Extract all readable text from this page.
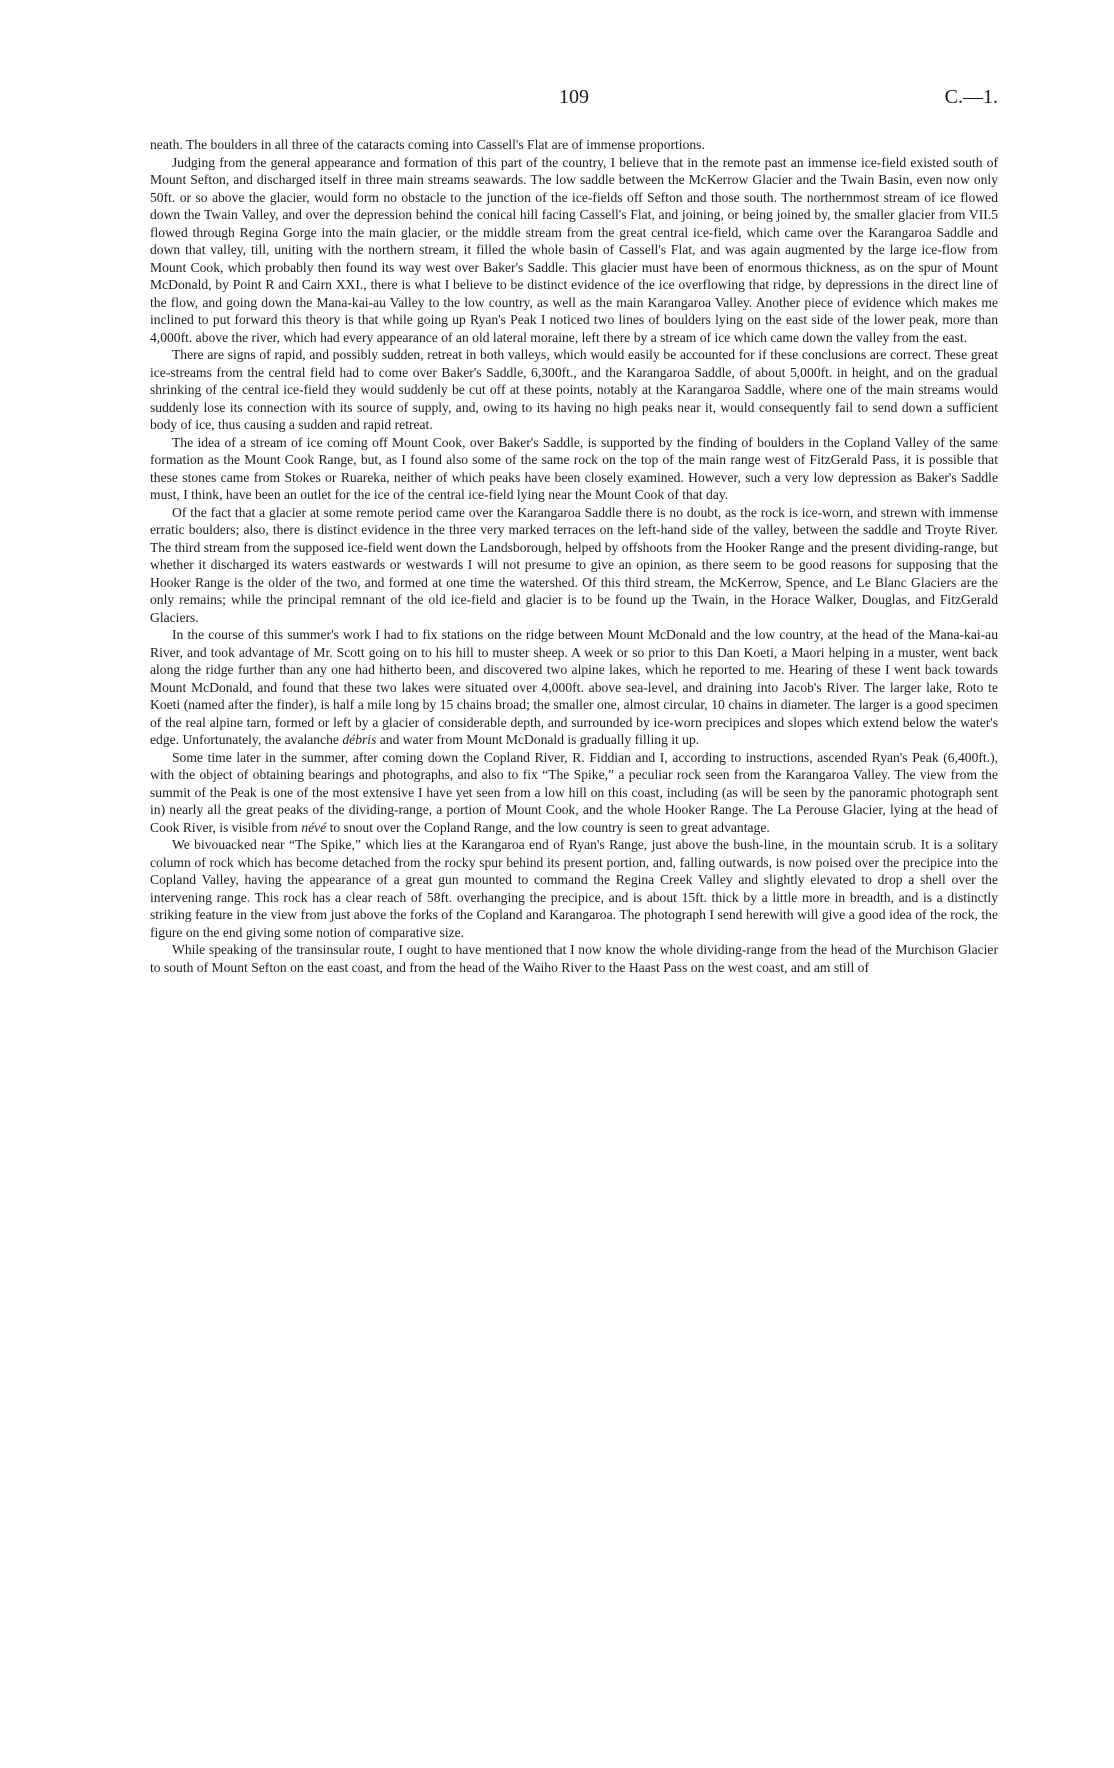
109	C.—1.

neath. The boulders in all three of the cataracts coming into Cassell's Flat are of immense proportions.

Judging from the general appearance and formation of this part of the country, I believe that in the remote past an immense ice-field existed south of Mount Sefton, and discharged itself in three main streams seawards. The low saddle between the McKerrow Glacier and the Twain Basin, even now only 50ft. or so above the glacier, would form no obstacle to the junction of the ice-fields off Sefton and those south. The northernmost stream of ice flowed down the Twain Valley, and over the depression behind the conical hill facing Cassell's Flat, and joining, or being joined by, the smaller glacier from VII.5 flowed through Regina Gorge into the main glacier, or the middle stream from the great central ice-field, which came over the Karangaroa Saddle and down that valley, till, uniting with the northern stream, it filled the whole basin of Cassell's Flat, and was again augmented by the large ice-flow from Mount Cook, which probably then found its way west over Baker's Saddle. This glacier must have been of enormous thickness, as on the spur of Mount McDonald, by Point R and Cairn XXI., there is what I believe to be distinct evidence of the ice overflowing that ridge, by depressions in the direct line of the flow, and going down the Mana-kai-au Valley to the low country, as well as the main Karangaroa Valley. Another piece of evidence which makes me inclined to put forward this theory is that while going up Ryan's Peak I noticed two lines of boulders lying on the east side of the lower peak, more than 4,000ft. above the river, which had every appearance of an old lateral moraine, left there by a stream of ice which came down the valley from the east.

There are signs of rapid, and possibly sudden, retreat in both valleys, which would easily be accounted for if these conclusions are correct. These great ice-streams from the central field had to come over Baker's Saddle, 6,300ft., and the Karangaroa Saddle, of about 5,000ft. in height, and on the gradual shrinking of the central ice-field they would suddenly be cut off at these points, notably at the Karangaroa Saddle, where one of the main streams would suddenly lose its connection with its source of supply, and, owing to its having no high peaks near it, would consequently fail to send down a sufficient body of ice, thus causing a sudden and rapid retreat.

The idea of a stream of ice coming off Mount Cook, over Baker's Saddle, is supported by the finding of boulders in the Copland Valley of the same formation as the Mount Cook Range, but, as I found also some of the same rock on the top of the main range west of FitzGerald Pass, it is possible that these stones came from Stokes or Ruareka, neither of which peaks have been closely examined. However, such a very low depression as Baker's Saddle must, I think, have been an outlet for the ice of the central ice-field lying near the Mount Cook of that day.

Of the fact that a glacier at some remote period came over the Karangaroa Saddle there is no doubt, as the rock is ice-worn, and strewn with immense erratic boulders; also, there is distinct evidence in the three very marked terraces on the left-hand side of the valley, between the saddle and Troyte River. The third stream from the supposed ice-field went down the Landsborough, helped by offshoots from the Hooker Range and the present dividing-range, but whether it discharged its waters eastwards or westwards I will not presume to give an opinion, as there seem to be good reasons for supposing that the Hooker Range is the older of the two, and formed at one time the watershed. Of this third stream, the McKerrow, Spence, and Le Blanc Glaciers are the only remains; while the principal remnant of the old ice-field and glacier is to be found up the Twain, in the Horace Walker, Douglas, and FitzGerald Glaciers.

In the course of this summer's work I had to fix stations on the ridge between Mount McDonald and the low country, at the head of the Mana-kai-au River, and took advantage of Mr. Scott going on to his hill to muster sheep. A week or so prior to this Dan Koeti, a Maori helping in a muster, went back along the ridge further than any one had hitherto been, and discovered two alpine lakes, which he reported to me. Hearing of these I went back towards Mount McDonald, and found that these two lakes were situated over 4,000ft. above sea-level, and draining into Jacob's River. The larger lake, Roto te Koeti (named after the finder), is half a mile long by 15 chains broad; the smaller one, almost circular, 10 chains in diameter. The larger is a good specimen of the real alpine tarn, formed or left by a glacier of considerable depth, and surrounded by ice-worn precipices and slopes which extend below the water's edge. Unfortunately, the avalanche débris and water from Mount McDonald is gradually filling it up.

Some time later in the summer, after coming down the Copland River, R. Fiddian and I, according to instructions, ascended Ryan's Peak (6,400ft.), with the object of obtaining bearings and photographs, and also to fix “The Spike,” a peculiar rock seen from the Karangaroa Valley. The view from the summit of the Peak is one of the most extensive I have yet seen from a low hill on this coast, including (as will be seen by the panoramic photograph sent in) nearly all the great peaks of the dividing-range, a portion of Mount Cook, and the whole Hooker Range. The La Perouse Glacier, lying at the head of Cook River, is visible from névé to snout over the Copland Range, and the low country is seen to great advantage.

We bivouacked near “The Spike,” which lies at the Karangaroa end of Ryan's Range, just above the bush-line, in the mountain scrub. It is a solitary column of rock which has become detached from the rocky spur behind its present portion, and, falling outwards, is now poised over the precipice into the Copland Valley, having the appearance of a great gun mounted to command the Regina Creek Valley and slightly elevated to drop a shell over the intervening range. This rock has a clear reach of 58ft. overhanging the precipice, and is about 15ft. thick by a little more in breadth, and is a distinctly striking feature in the view from just above the forks of the Copland and Karangaroa. The photograph I send herewith will give a good idea of the rock, the figure on the end giving some notion of comparative size.

While speaking of the transinsular route, I ought to have mentioned that I now know the whole dividing-range from the head of the Murchison Glacier to south of Mount Sefton on the east coast, and from the head of the Waiho River to the Haast Pass on the west coast, and am still of
